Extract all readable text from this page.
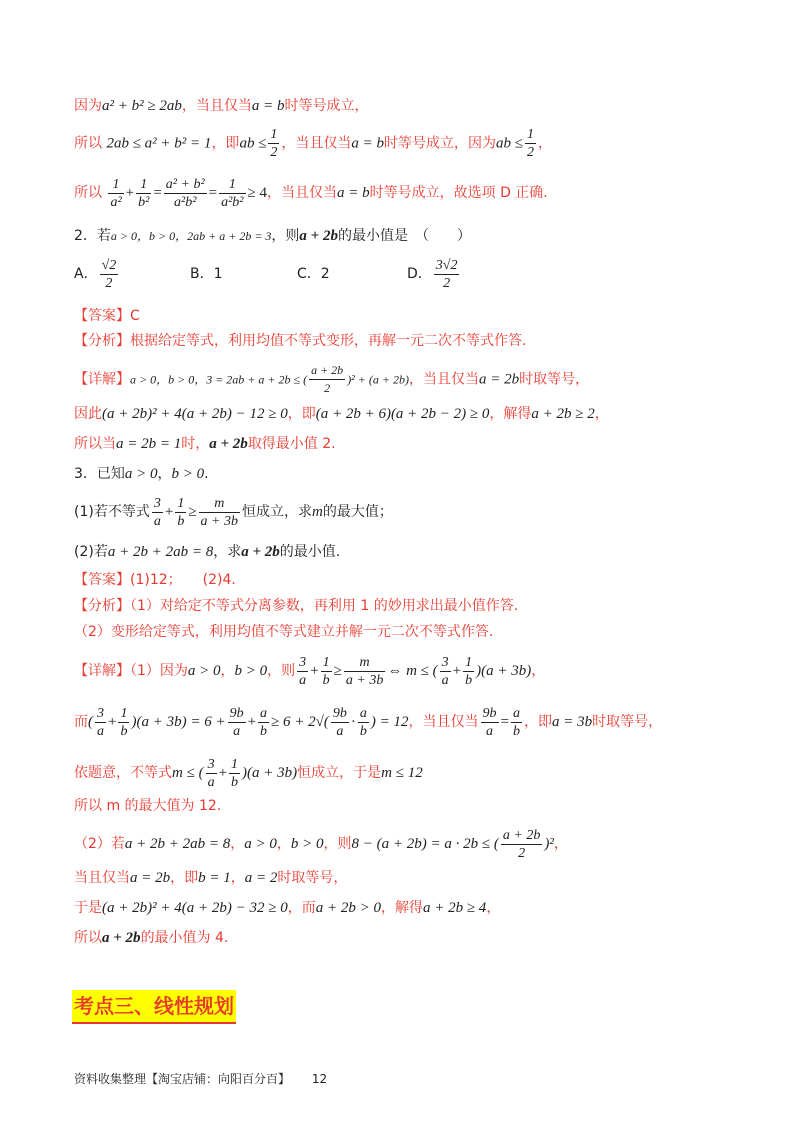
因为a² + b² ≥ 2ab，当且仅当a = b时等号成立，
所以 2ab ≤ a² + b² = 1，即ab ≤ $\frac{1}{2}$ ，当且仅当a = b时等号成立，因为ab ≤ $\frac{1}{2}$ ，
所以 $\frac{1}{\text{a²}} + \frac{1}{\text{b²}} = \frac{\text{a² + b²}}{\text{a²b²}} = \frac{1}{\text{a²b²}} \ge 4$，当且仅当a = b时等号成立，故选项 D 正确.
2．若a > 0，b > 0，2ab + a + 2b = 3，则a + 2b的最小值是　（　　）
A． $\frac{√2}{2}$	B．1	C．2	D． $\frac{3√2}{2}$
【答案】C
【分析】根据给定等式，利用均值不等式变形，再解一元二次不等式作答.
【详解】a > 0，b > 0，3 = 2ab + a + 2b ≤ ( $\frac{a + 2b}{2} )^2 + (a + 2b)$，当且仅当a = 2b时取等号，
因此(a + 2b)² + 4(a + 2b) − 12 ≥ 0，即(a + 2b + 6)(a + 2b − 2) ≥ 0，解得a + 2b ≥ 2，
所以当a = 2b = 1时，a + 2b取得最小值 2.
3．已知a > 0，b > 0.
(1)若不等式 $\frac{3}{a} + \frac{1}{b} \ge \frac{m}{a + 3b}$ 恒成立，求m的最大值；
(2)若a + 2b + 2ab = 8，求a + 2b的最小值.
【答案】(1)12；　　(2)4.
【分析】（1）对给定不等式分离参数，再利用 1 的妙用求出最小值作答.
（2）变形给定等式，利用均值不等式建立并解一元二次不等式作答.
【详解】（1）因为a > 0，b > 0，则 $\frac{3}{a} + \frac{1}{b} \ge \frac{m}{a + 3b}$ ⇔ m ≤ ( $\frac{3}{a} + \frac{1}{b} )(a + 3b)$，
而( $\frac{3}{a} + \frac{1}{b} )(a + 3b) = 6 + \frac{9b}{a} + \frac{a}{b} \ge 6 + 2√( \frac{9b}{a} \cdot \frac{a}{b}$ ) = 12，当且仅当 $\frac{9b}{a} = \frac{a}{b}$ ，即a = 3b时取等号，
依题意，不等式m ≤ ( $\frac{3}{a} + \frac{1}{b} )(a + 3b)$恒成立，于是m ≤ 12
所以 m 的最大值为 12.
（2）若a + 2b + 2ab = 8，a > 0，b > 0，则8 − (a + 2b) = a · 2b ≤ ( $\frac{a + 2b}{2} )^2$，
当且仅当a = 2b，即b = 1，a = 2时取等号，
于是(a + 2b)² + 4(a + 2b) − 32 ≥ 0，而a + 2b > 0，解得a + 2b ≥ 4，
所以a + 2b的最小值为 4.
考点三、线性规划
资料收集整理【淘宝店铺：向阳百分百】 12
